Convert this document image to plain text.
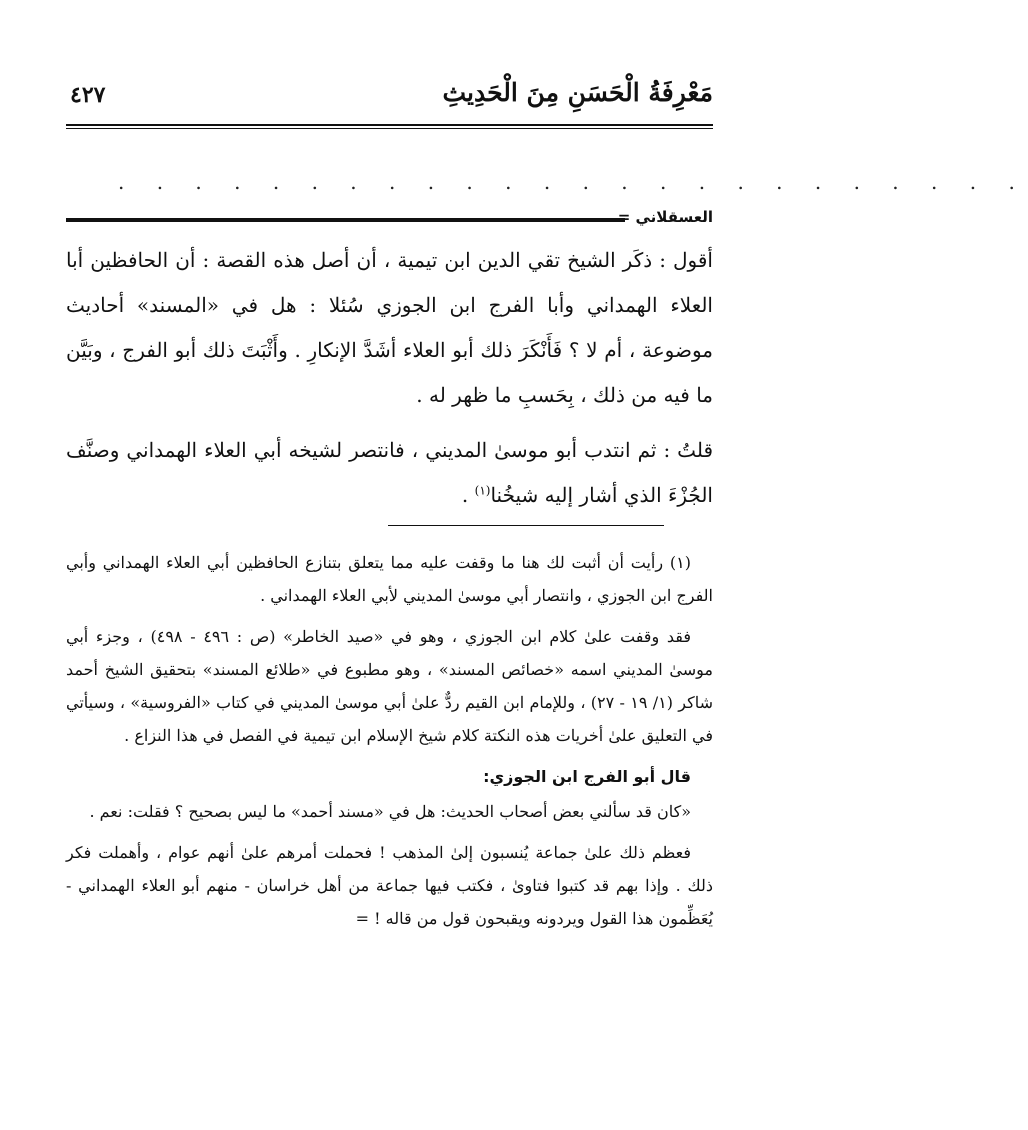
مَعْرِفَةُ الْحَسَنِ مِنَ الْحَدِيثِ
٤٢٧
. . . . . . . . . . . . . . . . . . . . . . . .
العسقلاني =

أقول : ذكَر الشيخ تقي الدين ابن تيمية ، أن أصل هذه القصة : أن الحافظين أبا العلاء الهمداني وأبا الفرج ابن الجوزي سُئلا : هل في «المسند» أحاديث موضوعة ، أم لا ؟ فَأَنْكَرَ ذلك أبو العلاء أشَدَّ الإنكارِ . وأَثْبَتَ ذلك أبو الفرج ، وبَيَّن ما فيه من ذلك ، بِحَسبِ ما ظهر له .

قلتُ : ثم انتدب أبو موسىٰ المديني ، فانتصر لشيخه أبي العلاء الهمداني وصنَّف الجُزْءَ الذي أشار إليه شيخُنا$^{(١)}$ .

(١) رأيت أن أثبت لك هنا ما وقفت عليه مما يتعلق بتنازع الحافظين أبي العلاء الهمداني وأبي الفرج ابن الجوزي ، وانتصار أبي موسىٰ المديني لأبي العلاء الهمداني .

فقد وقفت علىٰ كلام ابن الجوزي ، وهو في «صيد الخاطر» (ص : ٤٩٦ - ٤٩٨) ، وجزء أبي موسىٰ المديني اسمه «خصائص المسند» ، وهو مطبوع في «طلائع المسند» بتحقيق الشيخ أحمد شاكر (١/ ١٩ - ٢٧) ، وللإمام ابن القيم ردٌّ علىٰ أبي موسىٰ المديني في كتاب «الفروسية» ، وسيأتي في التعليق علىٰ أخريات هذه النكتة كلام شيخ الإسلام ابن تيمية في الفصل في هذا النزاع .

قال أبو الفرج ابن الجوزي:

«كان قد سألني بعض أصحاب الحديث: هل في «مسند أحمد» ما ليس بصحيح ؟ فقلت: نعم .

فعظم ذلك علىٰ جماعة يُنسبون إلىٰ المذهب ! فحملت أمرهم علىٰ أنهم عوام ، وأهملت فكر ذلك . وإذا بهم قد كتبوا فتاوىٰ ، فكتب فيها جماعة من أهل خراسان - منهم أبو العلاء الهمداني - يُعَظِّمون هذا القول ويردونه ويقبحون قول من قاله ! =
